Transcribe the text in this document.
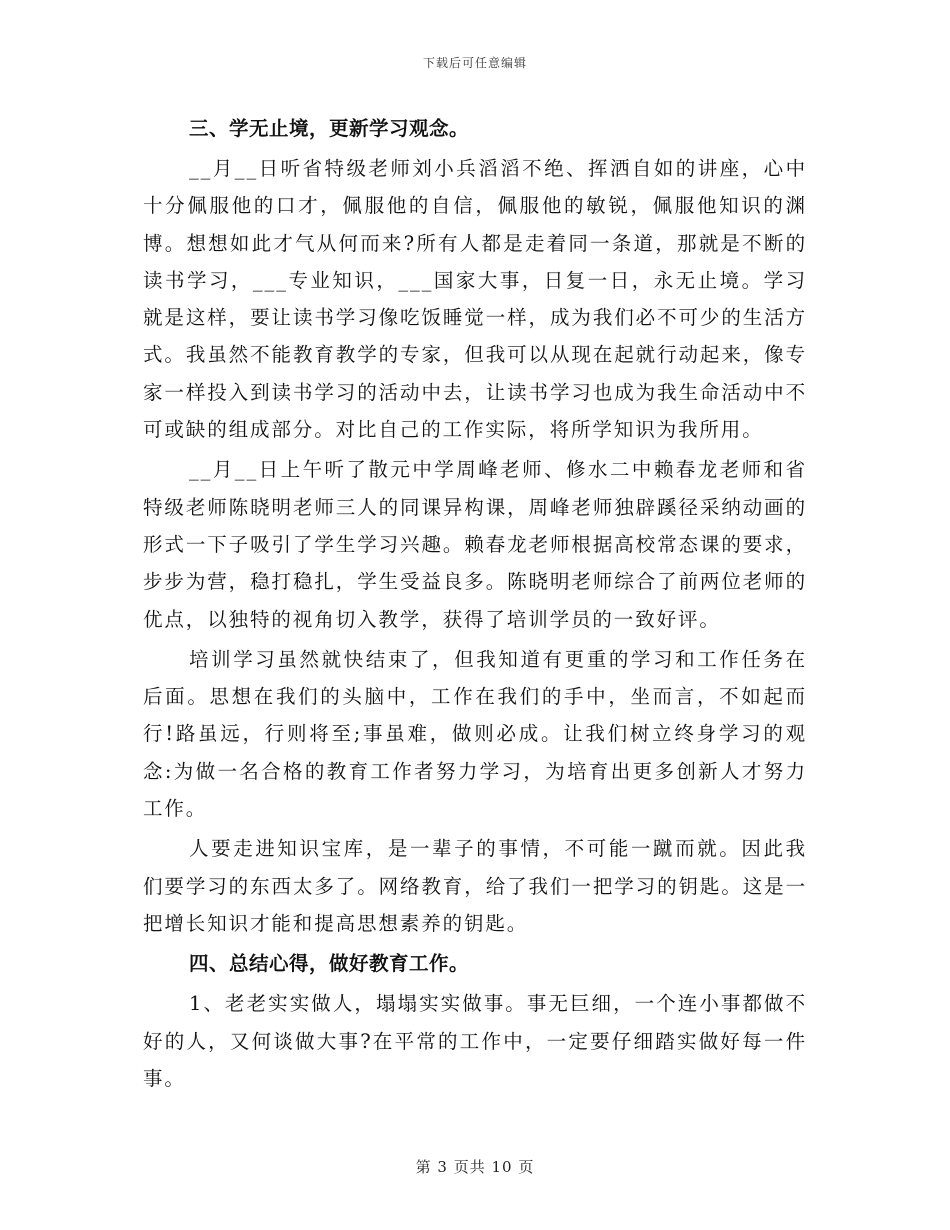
下载后可任意编辑
三、学无止境，更新学习观念。

__月__日听省特级老师刘小兵滔滔不绝、挥洒自如的讲座，心中十分佩服他的口才，佩服他的自信，佩服他的敏锐，佩服他知识的渊博。想想如此才气从何而来?所有人都是走着同一条道，那就是不断的读书学习，___专业知识，___国家大事，日复一日，永无止境。学习就是这样，要让读书学习像吃饭睡觉一样，成为我们必不可少的生活方式。我虽然不能教育教学的专家，但我可以从现在起就行动起来，像专家一样投入到读书学习的活动中去，让读书学习也成为我生命活动中不可或缺的组成部分。对比自己的工作实际，将所学知识为我所用。

__月__日上午听了散元中学周峰老师、修水二中赖春龙老师和省特级老师陈晓明老师三人的同课异构课，周峰老师独辟蹊径采纳动画的形式一下子吸引了学生学习兴趣。赖春龙老师根据高校常态课的要求，步步为营，稳打稳扎，学生受益良多。陈晓明老师综合了前两位老师的优点，以独特的视角切入教学，获得了培训学员的一致好评。

培训学习虽然就快结束了，但我知道有更重的学习和工作任务在后面。思想在我们的头脑中，工作在我们的手中，坐而言，不如起而行!路虽远，行则将至;事虽难，做则必成。让我们树立终身学习的观念:为做一名合格的教育工作者努力学习，为培育出更多创新人才努力工作。

人要走进知识宝库，是一辈子的事情，不可能一蹴而就。因此我们要学习的东西太多了。网络教育，给了我们一把学习的钥匙。这是一把增长知识才能和提高思想素养的钥匙。

四、总结心得，做好教育工作。

1、老老实实做人，塌塌实实做事。事无巨细，一个连小事都做不好的人，又何谈做大事?在平常的工作中，一定要仔细踏实做好每一件事。

第 3 页共 10 页
